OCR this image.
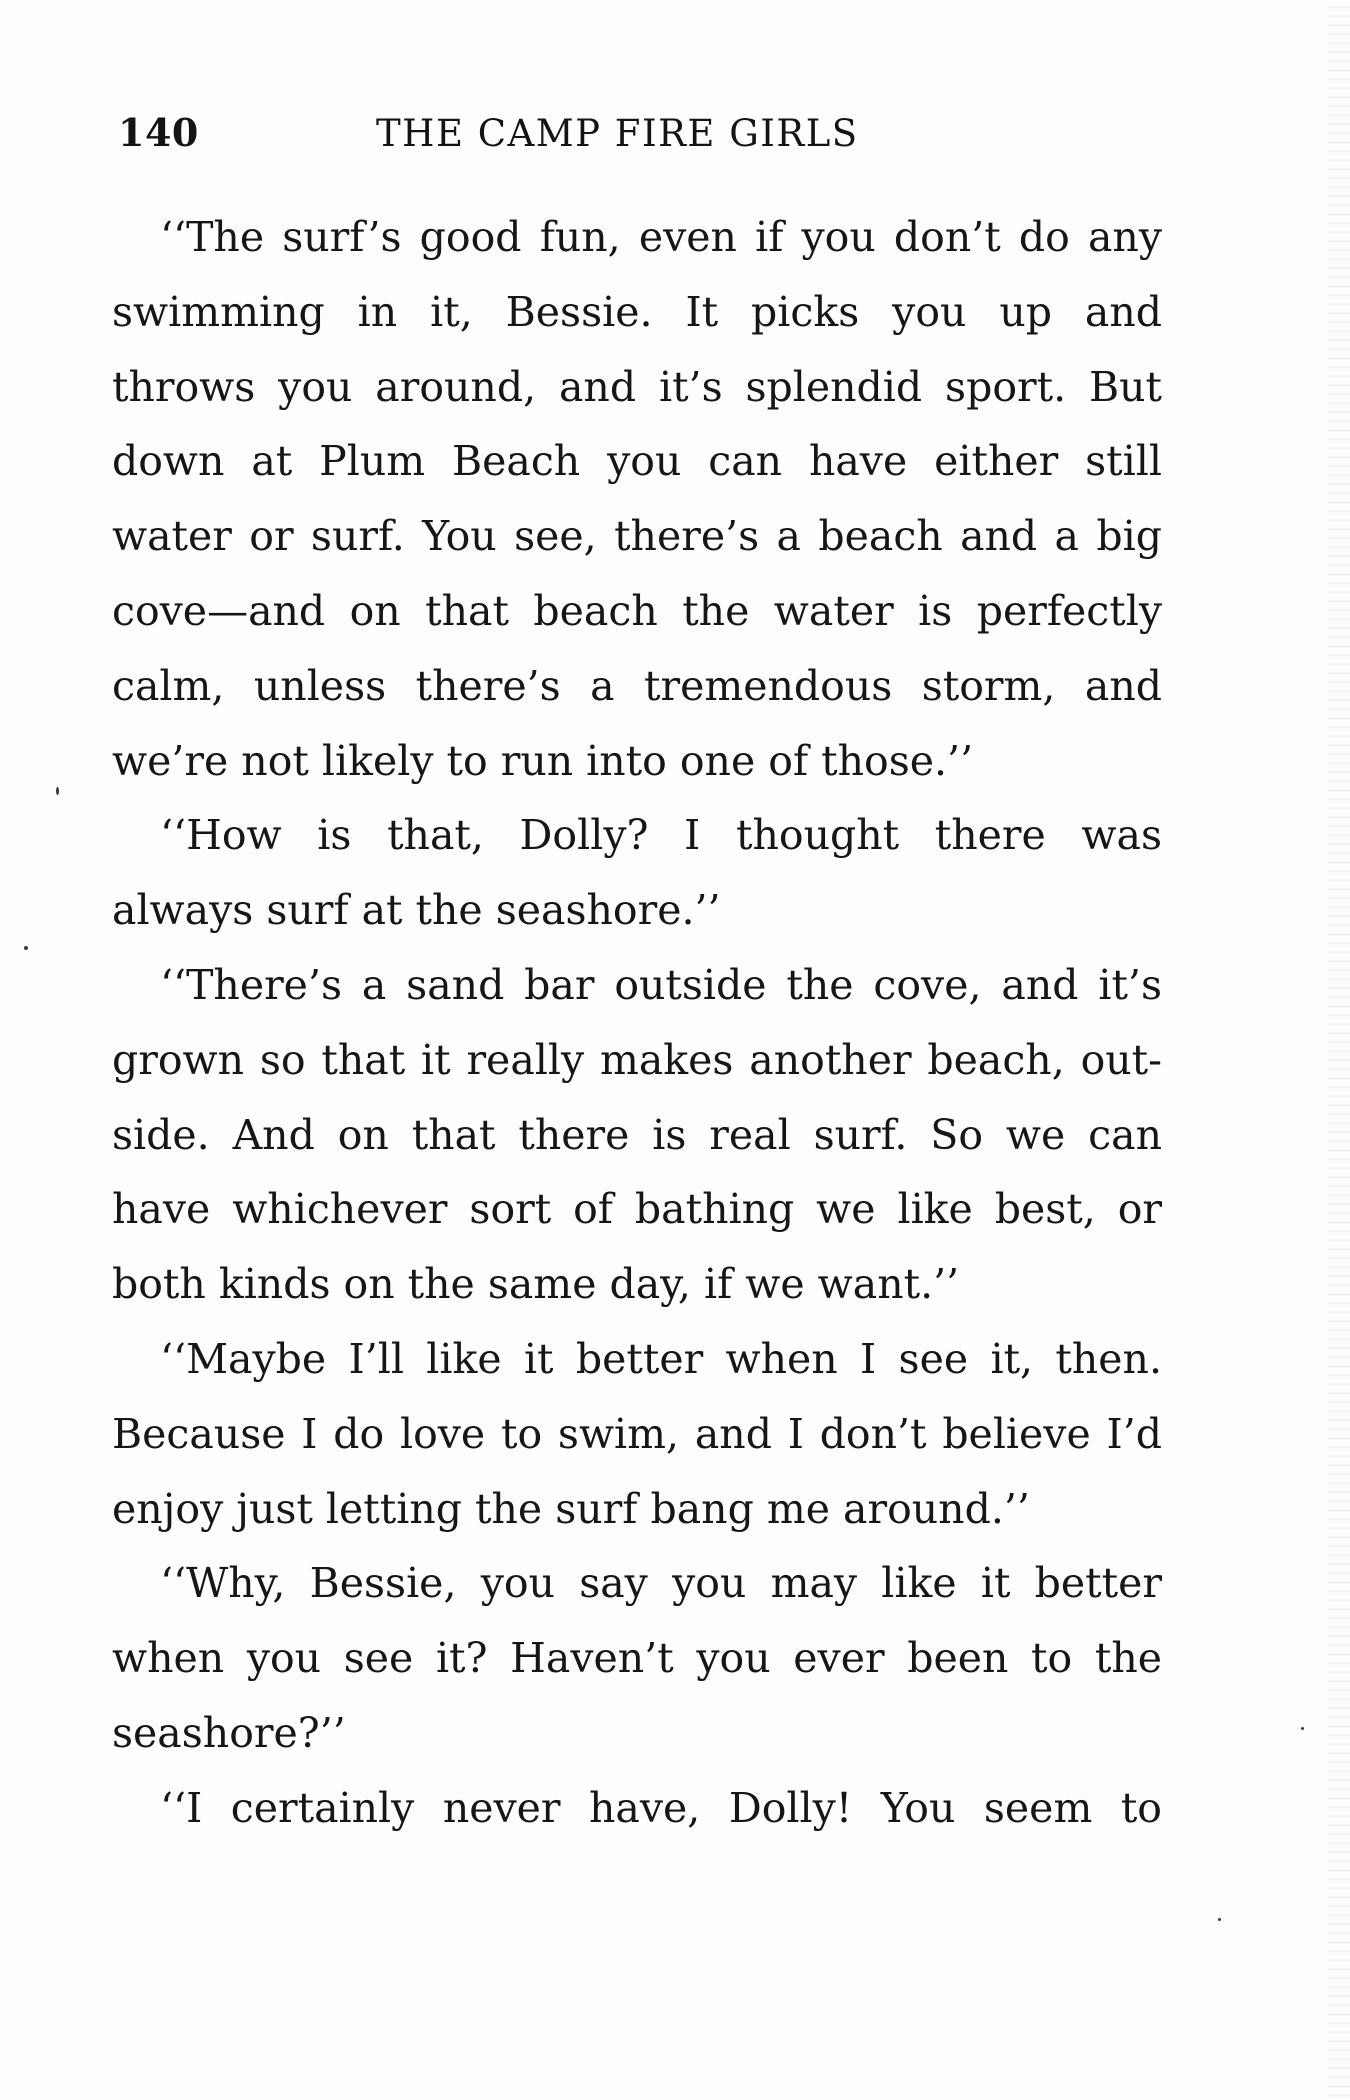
140	THE CAMP FIRE GIRLS
‘‘The surf’s good fun, even if you don’t do any
swimming in it, Bessie. It picks you up and
throws you around, and it’s splendid sport. But
down at Plum Beach you can have either still
water or surf. You see, there’s a beach and a big
cove—and on that beach the water is perfectly
calm, unless there’s a tremendous storm, and
we’re not likely to run into one of those.’’
‘‘How is that, Dolly? I thought there was
always surf at the seashore.’’
‘‘There’s a sand bar outside the cove, and it’s
grown so that it really makes another beach, out-
side. And on that there is real surf. So we can
have whichever sort of bathing we like best, or
both kinds on the same day, if we want.’’
‘‘Maybe I’ll like it better when I see it, then.
Because I do love to swim, and I don’t believe I’d
enjoy just letting the surf bang me around.’’
‘‘Why, Bessie, you say you may like it better
when you see it? Haven’t you ever been to the
seashore?’’
‘‘I certainly never have, Dolly! You seem to
